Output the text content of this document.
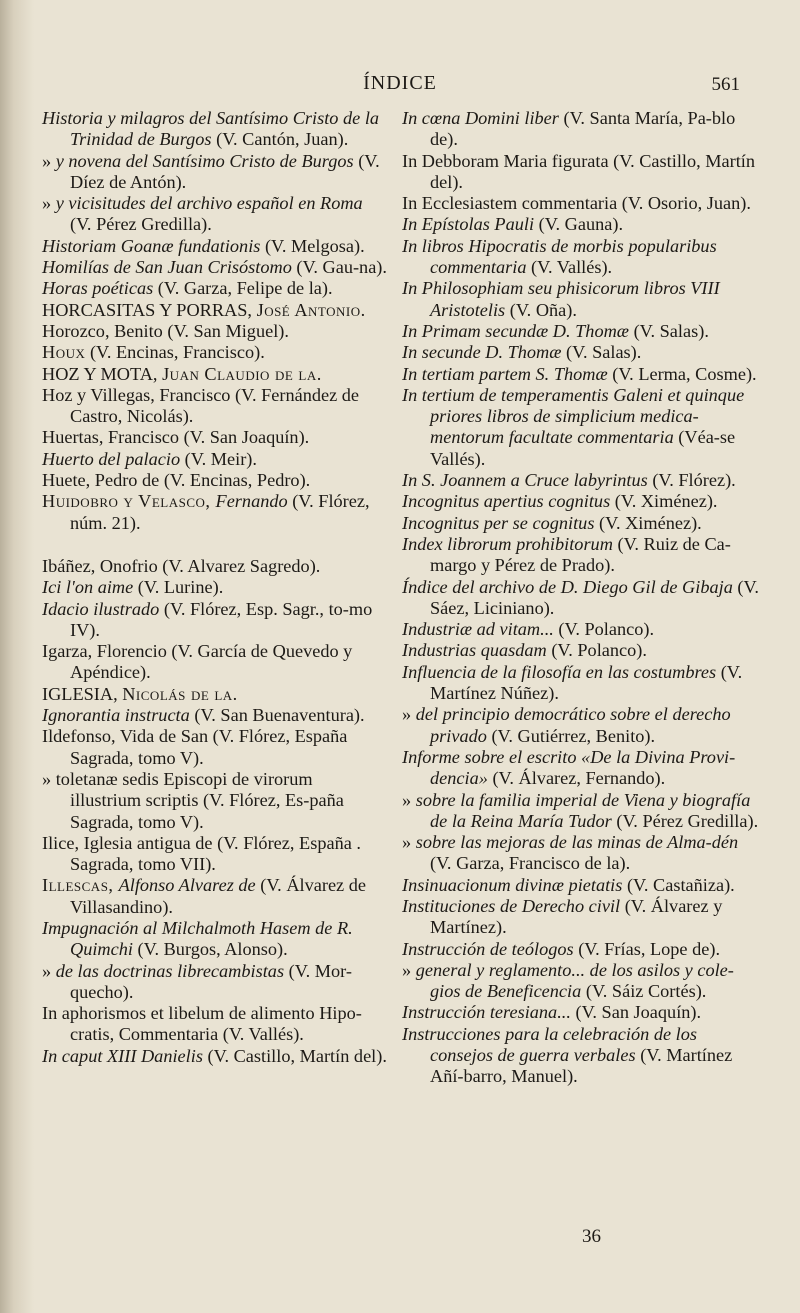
ÍNDICE	561

Historia y milagros del Santísimo Cristo de la Trinidad de Burgos (V. Cantón, Juan).

» y novena del Santísimo Cristo de Burgos (V. Díez de Antón).

» y vicisitudes del archivo español en Roma (V. Pérez Gredilla).

Historiam Goanæ fundationis (V. Melgosa).

Homilías de San Juan Crisóstomo (V. Gau-na).

Horas poéticas (V. Garza, Felipe de la).

HORCASITAS Y PORRAS, José Antonio.

Horozco, Benito (V. San Miguel).

Houx (V. Encinas, Francisco).

HOZ Y MOTA, Juan Claudio de la.

Hoz y Villegas, Francisco (V. Fernández de Castro, Nicolás).

Huertas, Francisco (V. San Joaquín).

Huerto del palacio (V. Meir).

Huete, Pedro de (V. Encinas, Pedro).

Huidobro y Velasco, Fernando (V. Flórez, núm. 21).

Ibáñez, Onofrio (V. Alvarez Sagredo).

Ici l'on aime (V. Lurine).

Idacio ilustrado (V. Flórez, Esp. Sagr., to-mo IV).

Igarza, Florencio (V. García de Quevedo y Apéndice).

IGLESIA, Nicolás de la.

Ignorantia instructa (V. San Buenaventura).

Ildefonso, Vida de San (V. Flórez, España Sagrada, tomo V).

» toletanæ sedis Episcopi de virorum illustrium scriptis (V. Flórez, Es-paña Sagrada, tomo V).

Ilice, Iglesia antigua de (V. Flórez, España . Sagrada, tomo VII).

Illescas, Alfonso Alvarez de (V. Álvarez de Villasandino).

Impugnación al Milchalmoth Hasem de R. Quimchi (V. Burgos, Alonso).

» de las doctrinas librecambistas (V. Mor-quecho).

In aphorismos et libelum de alimento Hipo-cratis, Commentaria (V. Vallés).

In caput XIII Danielis (V. Castillo, Martín del).

In cœna Domini liber (V. Santa María, Pa-blo de).

In Debboram Maria figurata (V. Castillo, Martín del).

In Ecclesiastem commentaria (V. Osorio, Juan).

In Epístolas Pauli (V. Gauna).

In libros Hipocratis de morbis popularibus commentaria (V. Vallés).

In Philosophiam seu phisicorum libros VIII Aristotelis (V. Oña).

In Primam secundæ D. Thomæ (V. Salas).

In secunde D. Thomæ (V. Salas).

In tertiam partem S. Thomæ (V. Lerma, Cosme).

In tertium de temperamentis Galeni et quinque priores libros de simplicium medica-mentorum facultate commentaria (Véa-se Vallés).

In S. Joannem a Cruce labyrintus (V. Flórez).

Incognitus apertius cognitus (V. Ximénez).

Incognitus per se cognitus (V. Ximénez).

Index librorum prohibitorum (V. Ruiz de Ca-margo y Pérez de Prado).

Índice del archivo de D. Diego Gil de Gibaja (V. Sáez, Liciniano).

Industriæ ad vitam... (V. Polanco).

Industrias quasdam (V. Polanco).

Influencia de la filosofía en las costumbres (V. Martínez Núñez).

» del principio democrático sobre el derecho privado (V. Gutiérrez, Benito).

Informe sobre el escrito «De la Divina Provi-dencia» (V. Álvarez, Fernando).

» sobre la familia imperial de Viena y biografía de la Reina María Tudor (V. Pérez Gredilla).

» sobre las mejoras de las minas de Alma-dén (V. Garza, Francisco de la).

Insinuacionum divinæ pietatis (V. Castañiza).

Instituciones de Derecho civil (V. Álvarez y Martínez).

Instrucción de teólogos (V. Frías, Lope de).

» general y reglamento... de los asilos y cole-gios de Beneficencia (V. Sáiz Cortés).

Instrucción teresiana... (V. San Joaquín).

Instrucciones para la celebración de los consejos de guerra verbales (V. Martínez Añí-barro, Manuel).

36
